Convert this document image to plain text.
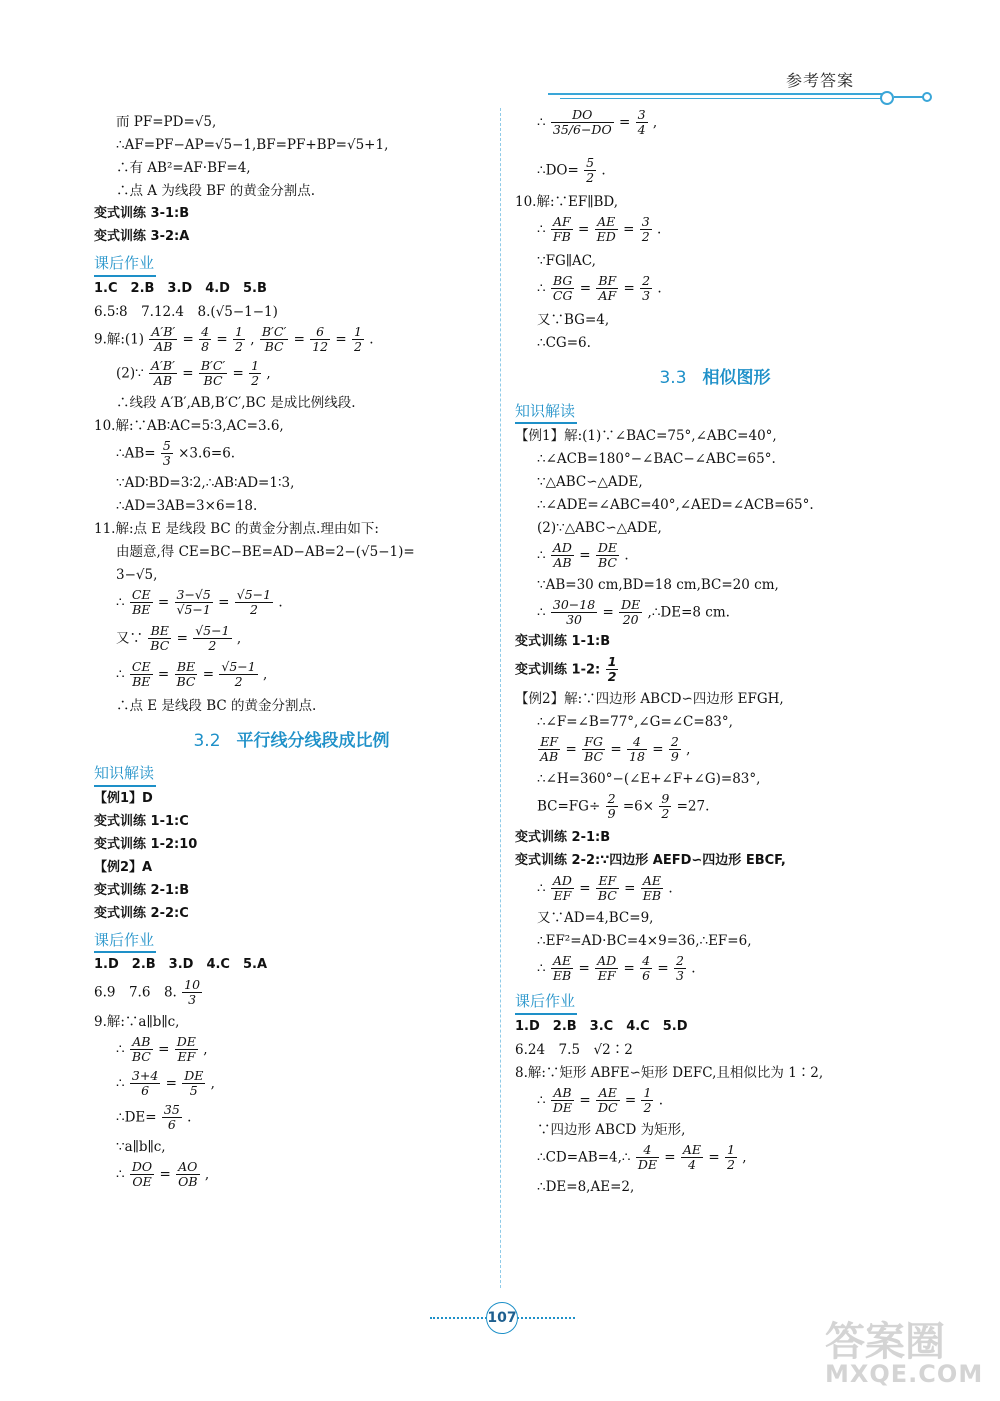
参考答案
而 PF=PD=√5,
∴AF=PF−AP=√5−1,BF=PF+BP=√5+1,
∴有 AB²=AF·BF=4,
∴点 A 为线段 BF 的黄金分割点.
变式训练 3-1:B
变式训练 3-2:A
课后作业
1.C　2.B　3.D　4.D　5.B
6.5∶8　7.12.4　8.(√5−1−1)
9.解:(1) $\frac{A'B'}{AB} = \frac{4}{8} = \frac{1}{2}$ , $\frac{B'C'}{BC} = \frac{6}{12} = \frac{1}{2}$ .
(2)∵ $\frac{A'B'}{AB} = \frac{B'C'}{BC} = \frac{1}{2}$ ,
∴线段 A′B′,AB,B′C′,BC 是成比例线段.
10.解:∵AB∶AC=5∶3,AC=3.6,
∴AB= $\frac{5}{3} \times 3.6=6$.
∵AD∶BD=3∶2,∴AB∶AD=1∶3,
∴AD=3AB=3×6=18.
11.解:点 E 是线段 BC 的黄金分割点.理由如下:
由题意,得 CE=BC−BE=AD−AB=2−(√5−1)=
3−√5,
∴ $\frac{CE}{BE} = \frac{3-√5}{√5-1} = \frac{√5-1}{2}$ .
又∵ $\frac{BE}{BC} = \frac{√5-1}{2}$ ,
∴ $\frac{CE}{BE} = \frac{BE}{BC} = \frac{√5-1}{2}$ ,
∴点 E 是线段 BC 的黄金分割点.
3.2 平行线分线段成比例
知识解读
【例1】D
变式训练 1-1:C
变式训练 1-2:10
【例2】A
变式训练 2-1:B
变式训练 2-2:C
课后作业
1.D　2.B　3.D　4.C　5.A
6.9　7.6　8. $\frac{10}{3}$
9.解:∵a∥b∥c,
∴ $\frac{AB}{BC} = \frac{DE}{EF}$ ,
∴ $\frac{3+4}{6} = \frac{DE}{5}$ ,
∴DE= $\frac{35}{6}$ .
∵a∥b∥c,
∴ $\frac{DO}{OE} = \frac{AO}{OB}$ ,
∴ $\frac{DO}{35/6-DO} = \frac{3}{4}$ ,
∴DO= $\frac{5}{2}$ .
10.解:∵EF∥BD,
∴ $\frac{AF}{FB} = \frac{AE}{ED} = \frac{3}{2}$ .
∵FG∥AC,
∴ $\frac{BG}{CG} = \frac{BF}{AF} = \frac{2}{3}$ .
又∵BG=4,
∴CG=6.
3.3 相似图形
知识解读
【例1】解:(1)∵∠BAC=75°,∠ABC=40°,
∴∠ACB=180°−∠BAC−∠ABC=65°.
∵△ABC∽△ADE,
∴∠ADE=∠ABC=40°,∠AED=∠ACB=65°.
(2)∵△ABC∽△ADE,
∴ $\frac{AD}{AB} = \frac{DE}{BC}$ .
∵AB=30 cm,BD=18 cm,BC=20 cm,
∴ $\frac{30-18}{30} = \frac{DE}{20}$ ,∴DE=8 cm.
变式训练 1-1:B
变式训练 1-2: $\frac{1}{2}$
【例2】解:∵四边形 ABCD∽四边形 EFGH,
∴∠F=∠B=77°,∠G=∠C=83°,
$\frac{EF}{AB} = \frac{FG}{BC} = \frac{4}{18} = \frac{2}{9}$ ,
∴∠H=360°−(∠E+∠F+∠G)=83°,
$BC=FG\div \frac{2}{9} =6\times \frac{9}{2} =27$.
变式训练 2-1:B
变式训练 2-2:∵四边形 AEFD∽四边形 EBCF,
∴ $\frac{AD}{EF} = \frac{EF}{BC} = \frac{AE}{EB}$ .
又∵AD=4,BC=9,
∴EF²=AD·BC=4×9=36,∴EF=6,
∴ $\frac{AE}{EB} = \frac{AD}{EF} = \frac{4}{6} = \frac{2}{3}$ .
课后作业
1.D　2.B　3.C　4.C　5.D
6.24　7.5　√2∶2
8.解:∵矩形 ABFE∽矩形 DEFC,且相似比为 1∶2,
∴ $\frac{AB}{DE} = \frac{AE}{DC} = \frac{1}{2}$ .
∵四边形 ABCD 为矩形,
∴CD=AB=4,∴ $\frac{4}{DE} = \frac{AE}{4} = \frac{1}{2}$ ,
∴DE=8,AE=2,
107
答案圈
MXQE.COM
